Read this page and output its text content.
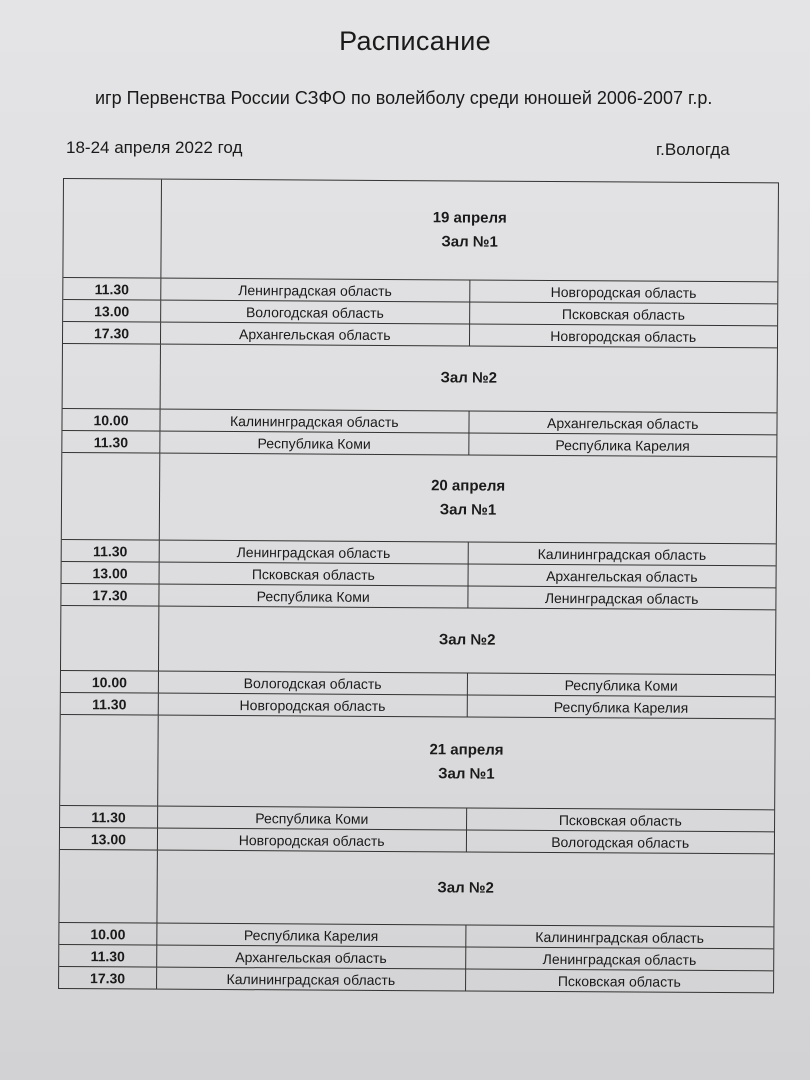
Расписание
игр Первенства России СЗФО по волейболу среди юношей 2006-2007 г.р.
18-24 апреля 2022 год	г.Вологда
19 апреля
Зал №1
11.30	Ленинградская область	Новгородская область
13.00	Вологодская область	Псковская область
17.30	Архангельская область	Новгородская область
Зал №2
10.00	Калининградская область	Архангельская область
11.30	Республика Коми	Республика Карелия
20 апреля
Зал №1
11.30	Ленинградская область	Калининградская область
13.00	Псковская область	Архангельская область
17.30	Республика Коми	Ленинградская область
Зал №2
10.00	Вологодская область	Республика Коми
11.30	Новгородская область	Республика Карелия
21 апреля
Зал №1
11.30	Республика Коми	Псковская область
13.00	Новгородская область	Вологодская область
Зал №2
10.00	Республика Карелия	Калининградская область
11.30	Архангельская область	Ленинградская область
17.30	Калининградская область	Псковская область
